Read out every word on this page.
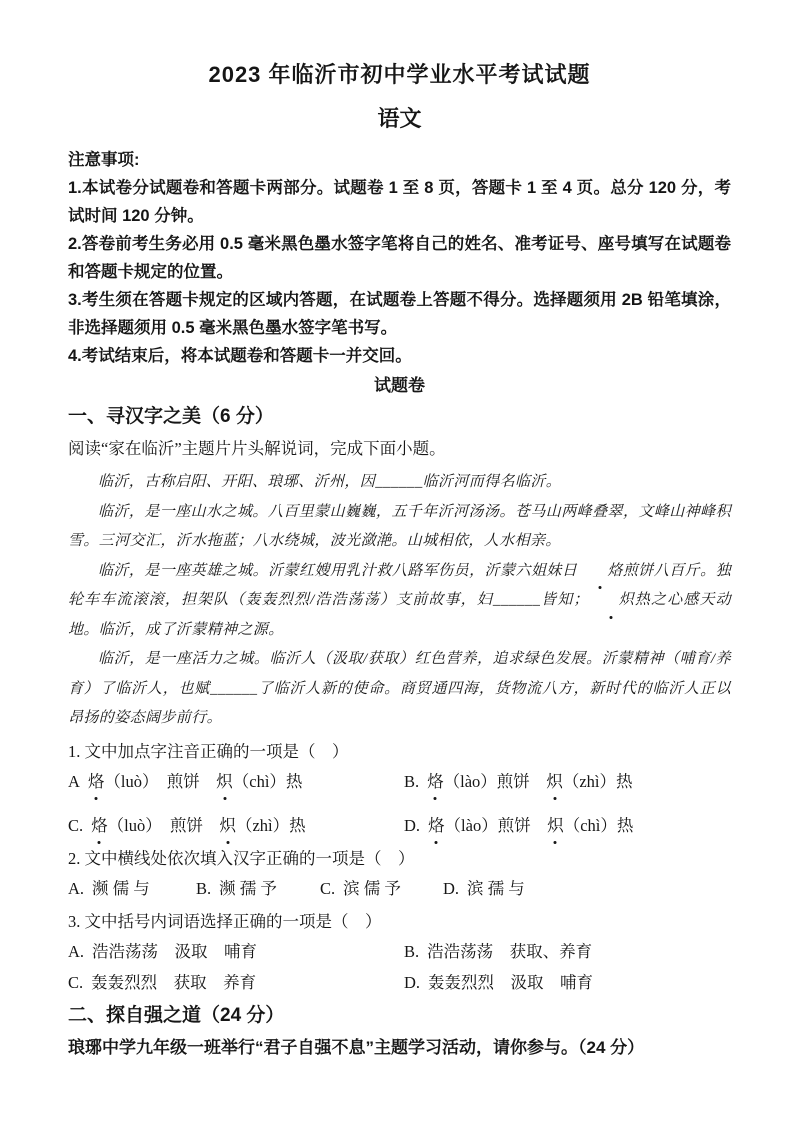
2023 年临沂市初中学业水平考试试题
语文

注意事项:

1.本试卷分试题卷和答题卡两部分。试题卷 1 至 8 页，答题卡 1 至 4 页。总分 120 分，考试时间 120 分钟。

2.答卷前考生务必用 0.5 毫米黑色墨水签字笔将自己的姓名、准考证号、座号填写在试题卷和答题卡规定的位置。

3.考生须在答题卡规定的区域内答题，在试题卷上答题不得分。选择题须用 2B 铅笔填涂，非选择题须用 0.5 毫米黑色墨水签字笔书写。

4.考试结束后，将本试题卷和答题卡一并交回。

试题卷

一、寻汉字之美（6 分）

阅读“家在临沂”主题片片头解说词，完成下面小题。

临沂，古称启阳、开阳、琅琊、沂州，因______临沂河而得名临沂。

临沂，是一座山水之城。八百里蒙山巍巍，五千年沂河汤汤。苍马山两峰叠翠，文峰山神峰积雪。三河交汇，沂水拖蓝；八水绕城，波光潋滟。山城相依，人水相亲。

临沂，是一座英雄之城。沂蒙红嫂用乳汁救八路军伤员，沂蒙六姐妹日 烙煎饼八百斤。独轮车车流滚滚，担架队（轰轰烈烈/浩浩荡荡）支前故事，妇______皆知； 炽热之心感天动地。临沂，成了沂蒙精神之源。

临沂，是一座活力之城。临沂人（汲取/获取）红色营养，追求绿色发展。沂蒙精神（哺育/养育）了临沂人，也赋______了临沂人新的使命。商贸通四海，货物流八方，新时代的临沂人正以昂扬的姿态阔步前行。

1. 文中加点字注音正确的一项是（　）

A 烙（luò）　煎饼　炽（chì）热	B. 烙（lào）煎饼　炽（zhì）热
C. 烙（luò）　煎饼　炽（zhì）热	D. 烙（lào）煎饼　炽（chì）热

2. 文中横线处依次填入汉字正确的一项是（　）

A. 濒 儒 与	B. 濒 孺 予	C. 滨 儒 予	D. 滨 孺 与

3. 文中括号内词语选择正确的一项是（　）

A. 浩浩荡荡　汲取　哺育	B. 浩浩荡荡　获取、养育
C. 轰轰烈烈　获取　养育	D. 轰轰烈烈　汲取　哺育
二、探自强之道（24 分）

琅琊中学九年级一班举行“君子自强不息”主题学习活动，请你参与。（24 分）
